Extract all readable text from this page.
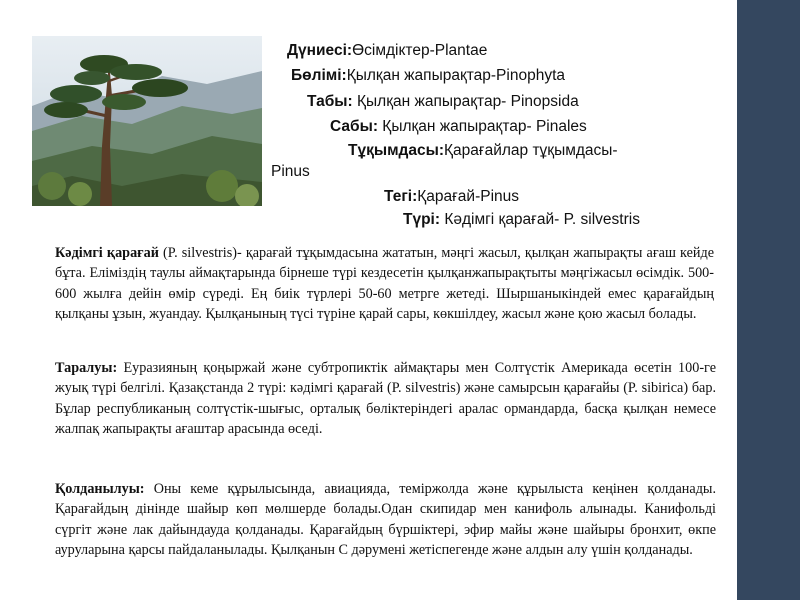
Дүниесі:Өсімдіктер-Plantae
Бөлімі:Қылқан жапырақтар-Pinophyta
Табы: Қылқан жапырақтар- Pinopsida
Сабы: Қылқан жапырақтар- Pinales
Тұқымдасы:Қарағайлар тұқымдасы-
Pinus
Тегі:Қарағай-Pinus
Түрі: Кәдімгі қарағай- P. silvestris

Кәдімгі қарағай (P. silvestris)- қарағай тұқымдасына жататын, мәңгі жасыл, қылқан жапырақты ағаш кейде бұта. Еліміздің таулы аймақтарында бірнеше түрі кездесетін қылқанжапырақтыты мәңгіжасыл өсімдік. 500-600 жылға дейін өмір сүреді. Ең биік түрлері 50-60 метрге жетеді. Шыршаныкіндей емес қарағайдың қылқаны ұзын, жуандау. Қылқанының түсі түріне қарай сары, көкшілдеу, жасыл және қою жасыл болады.

Таралуы: Еуразияның қоңыржай және субтропиктік аймақтары мен Солтүстік Америкада өсетін 100-ге жуық түрі белгілі. Қазақстанда 2 түрі: кәдімгі қарағай (P. silvestris) және самырсын қарағайы (P. sibirica) бар. Бұлар республиканың солтүстік-шығыс, орталық бөліктеріндегі аралас ормандарда, басқа қылқан немесе жалпақ жапырақты ағаштар арасында өседі.

Қолданылуы: Оны кеме құрылысында, авиацияда, теміржолда және құрылыста кеңінен қолданады. Қарағайдың дінінде шайыр көп мөлшерде болады.Одан скипидар мен канифоль алынады. Канифольді сүргіт және лак дайындауда қолданады. Қарағайдың бүршіктері, эфир майы және шайыры бронхит, өкпе ауруларына қарсы пайдаланылады. Қылқанын С дәрумені жетіспегенде және алдын алу үшін қолданады.
